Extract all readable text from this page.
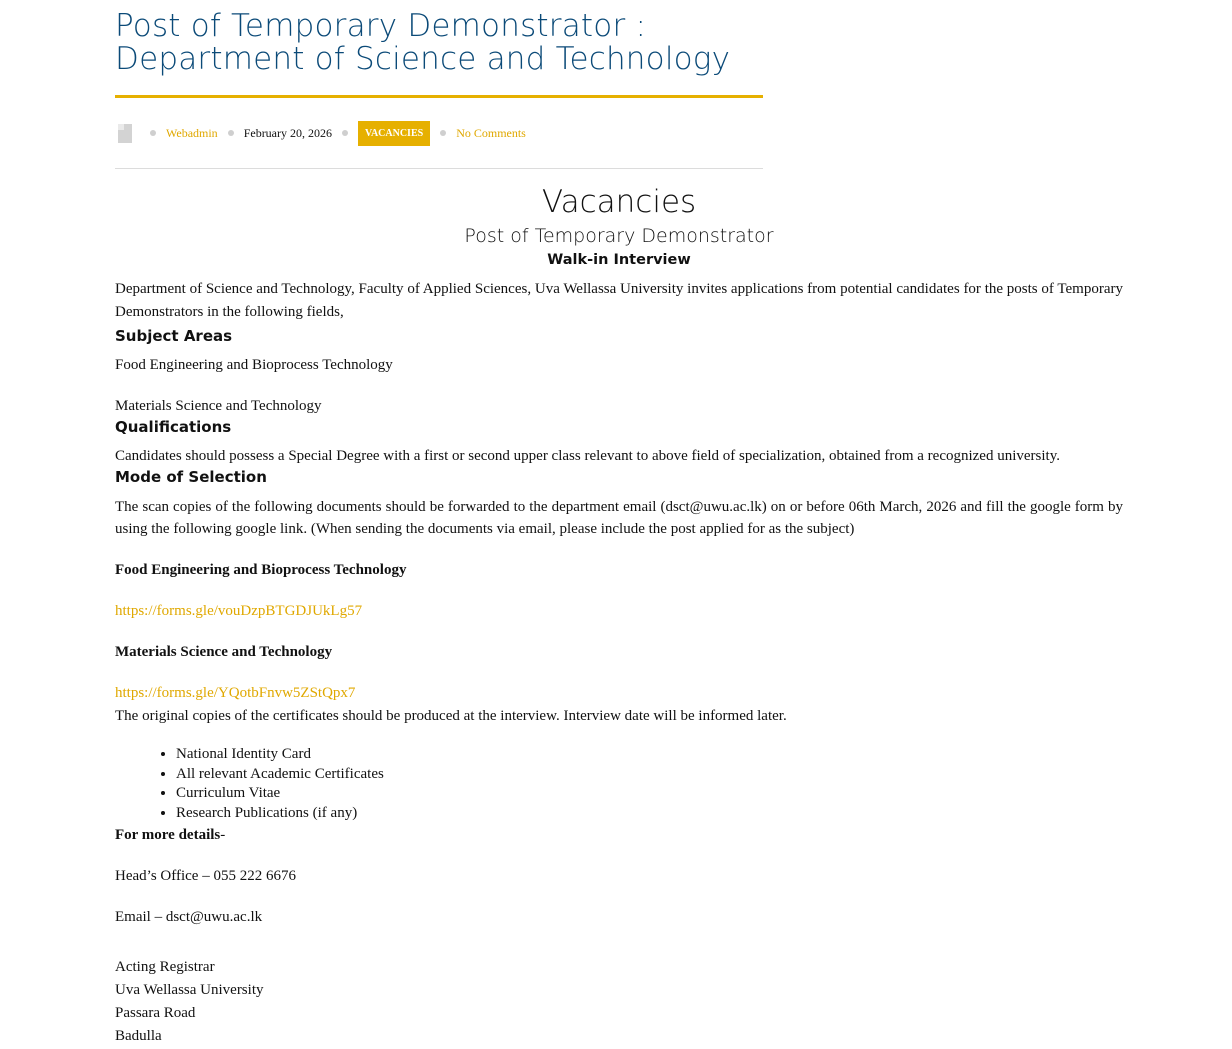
Post of Temporary Demonstrator :
Department of Science and Technology
Webadmin February 20, 2026	VACANCIES	No Comments
Vacancies
Post of Temporary Demonstrator
Walk-in Interview

Department of Science and Technology, Faculty of Applied Sciences, Uva Wellassa University invites applications from potential candidates for the posts of Temporary Demonstrators in the following fields,

Subject Areas

Food Engineering and Bioprocess Technology

Materials Science and Technology

Qualifications

Candidates should possess a Special Degree with a first or second upper class relevant to above field of specialization, obtained from a recognized university.

Mode of Selection

The scan copies of the following documents should be forwarded to the department email (dsct@uwu.ac.lk) on or before 06th March, 2026 and fill the google form by using the following google link. (When sending the documents via email, please include the post applied for as the subject)

Food Engineering and Bioprocess Technology

https://forms.gle/vouDzpBTGDJUkLg57

Materials Science and Technology

https://forms.gle/YQotbFnvw5ZStQpx7

The original copies of the certificates should be produced at the interview. Interview date will be informed later.

• National Identity Card
• All relevant Academic Certificates
• Curriculum Vitae
• Research Publications (if any)

For more details-

Head’s Office – 055 222 6676

Email – dsct@uwu.ac.lk

Acting Registrar

Uva Wellassa University

Passara Road

Badulla
